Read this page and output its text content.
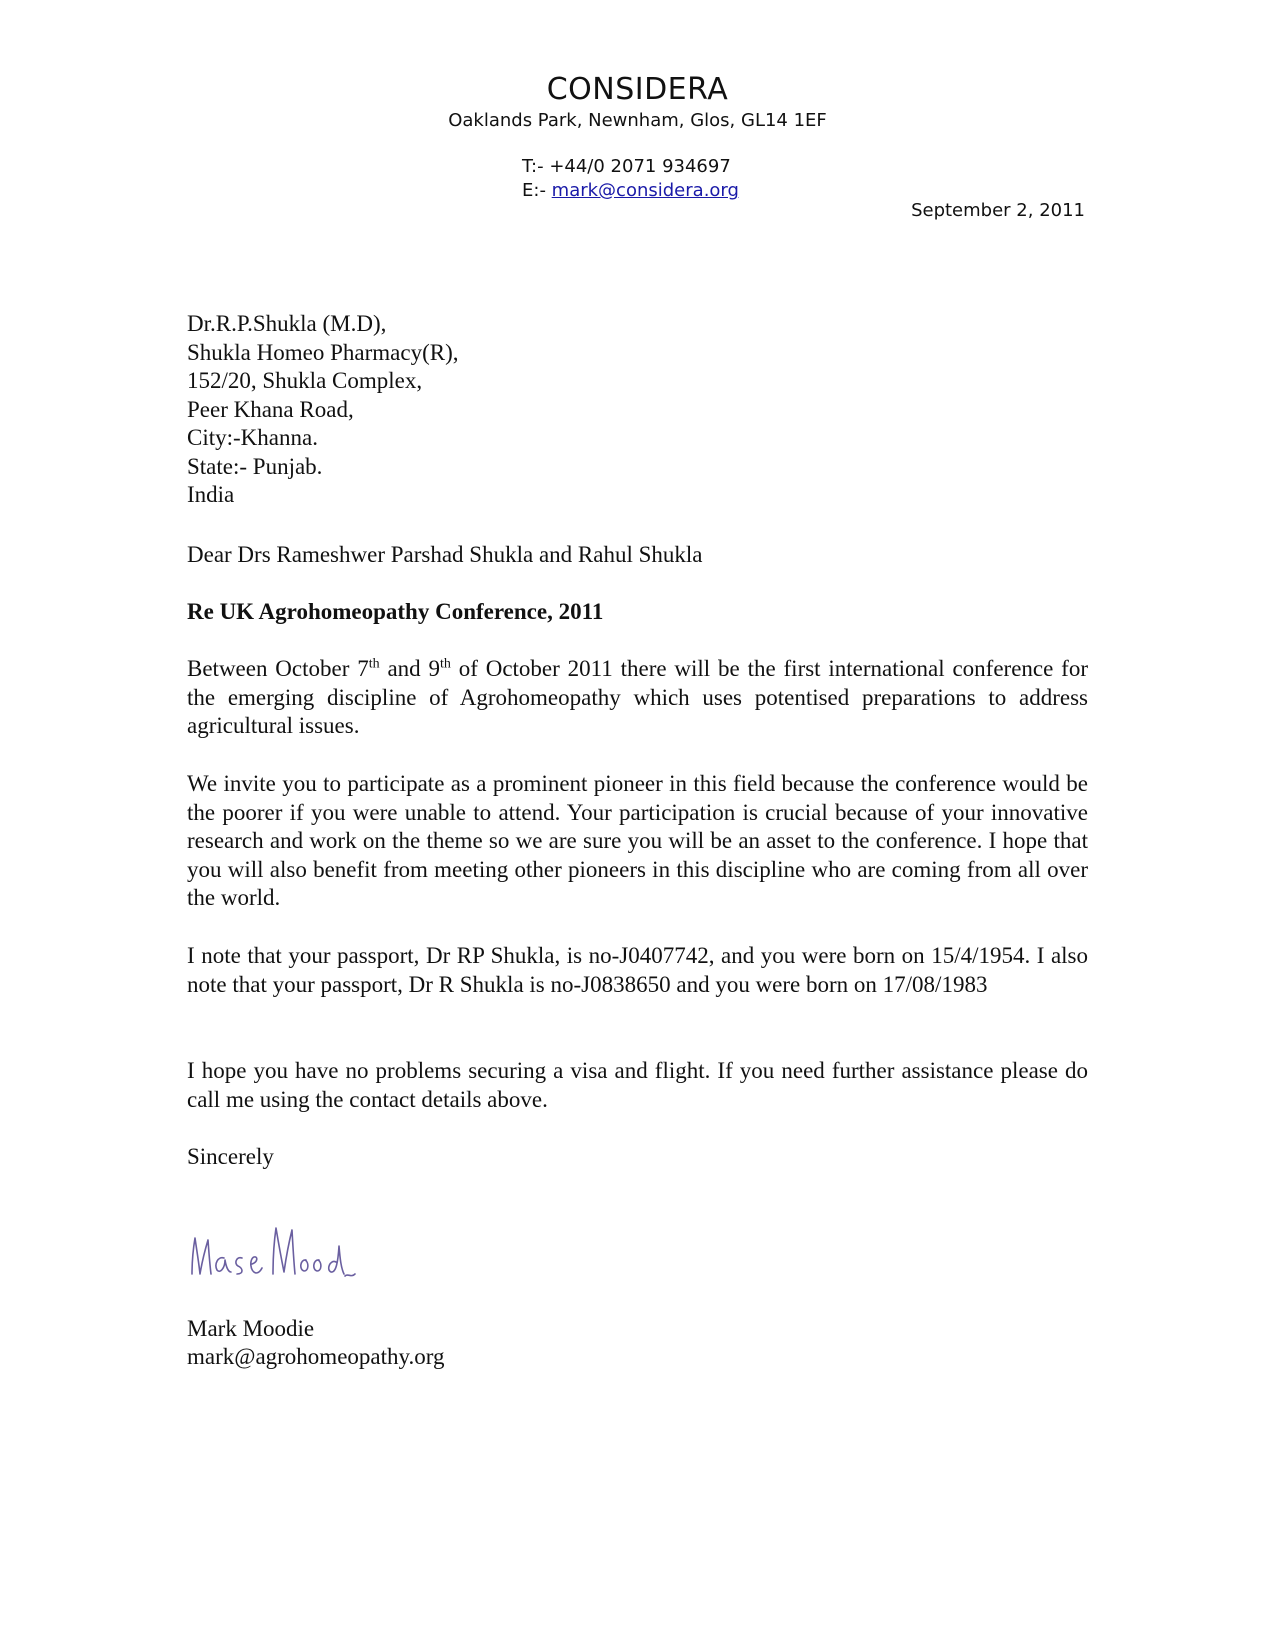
CONSIDERA
Oaklands Park, Newnham, Glos, GL14 1EF
T:- +44/0 2071 934697
E:- mark@considera.org
September 2, 2011
Dr.R.P.Shukla (M.D),
Shukla Homeo Pharmacy(R),
152/20, Shukla Complex,
Peer Khana Road,
City:-Khanna.
State:- Punjab.
India
Dear Drs Rameshwer Parshad Shukla and Rahul Shukla
Re UK Agrohomeopathy Conference, 2011

Between October 7th and 9th of October 2011 there will be the first international conference for the emerging discipline of Agrohomeopathy which uses potentised preparations to address agricultural issues.

We invite you to participate as a prominent pioneer in this field because the conference would be the poorer if you were unable to attend. Your participation is crucial because of your innovative research and work on the theme so we are sure you will be an asset to the conference. I hope that you will also benefit from meeting other pioneers in this discipline who are coming from all over the world.

I note that your passport, Dr RP Shukla, is no-J0407742, and you were born on 15/4/1954. I also note that your passport, Dr R Shukla is no-J0838650 and you were born on 17/08/1983

I hope you have no problems securing a visa and flight. If you need further assistance please do call me using the contact details above.

Sincerely
Mark Moodie
mark@agrohomeopathy.org
